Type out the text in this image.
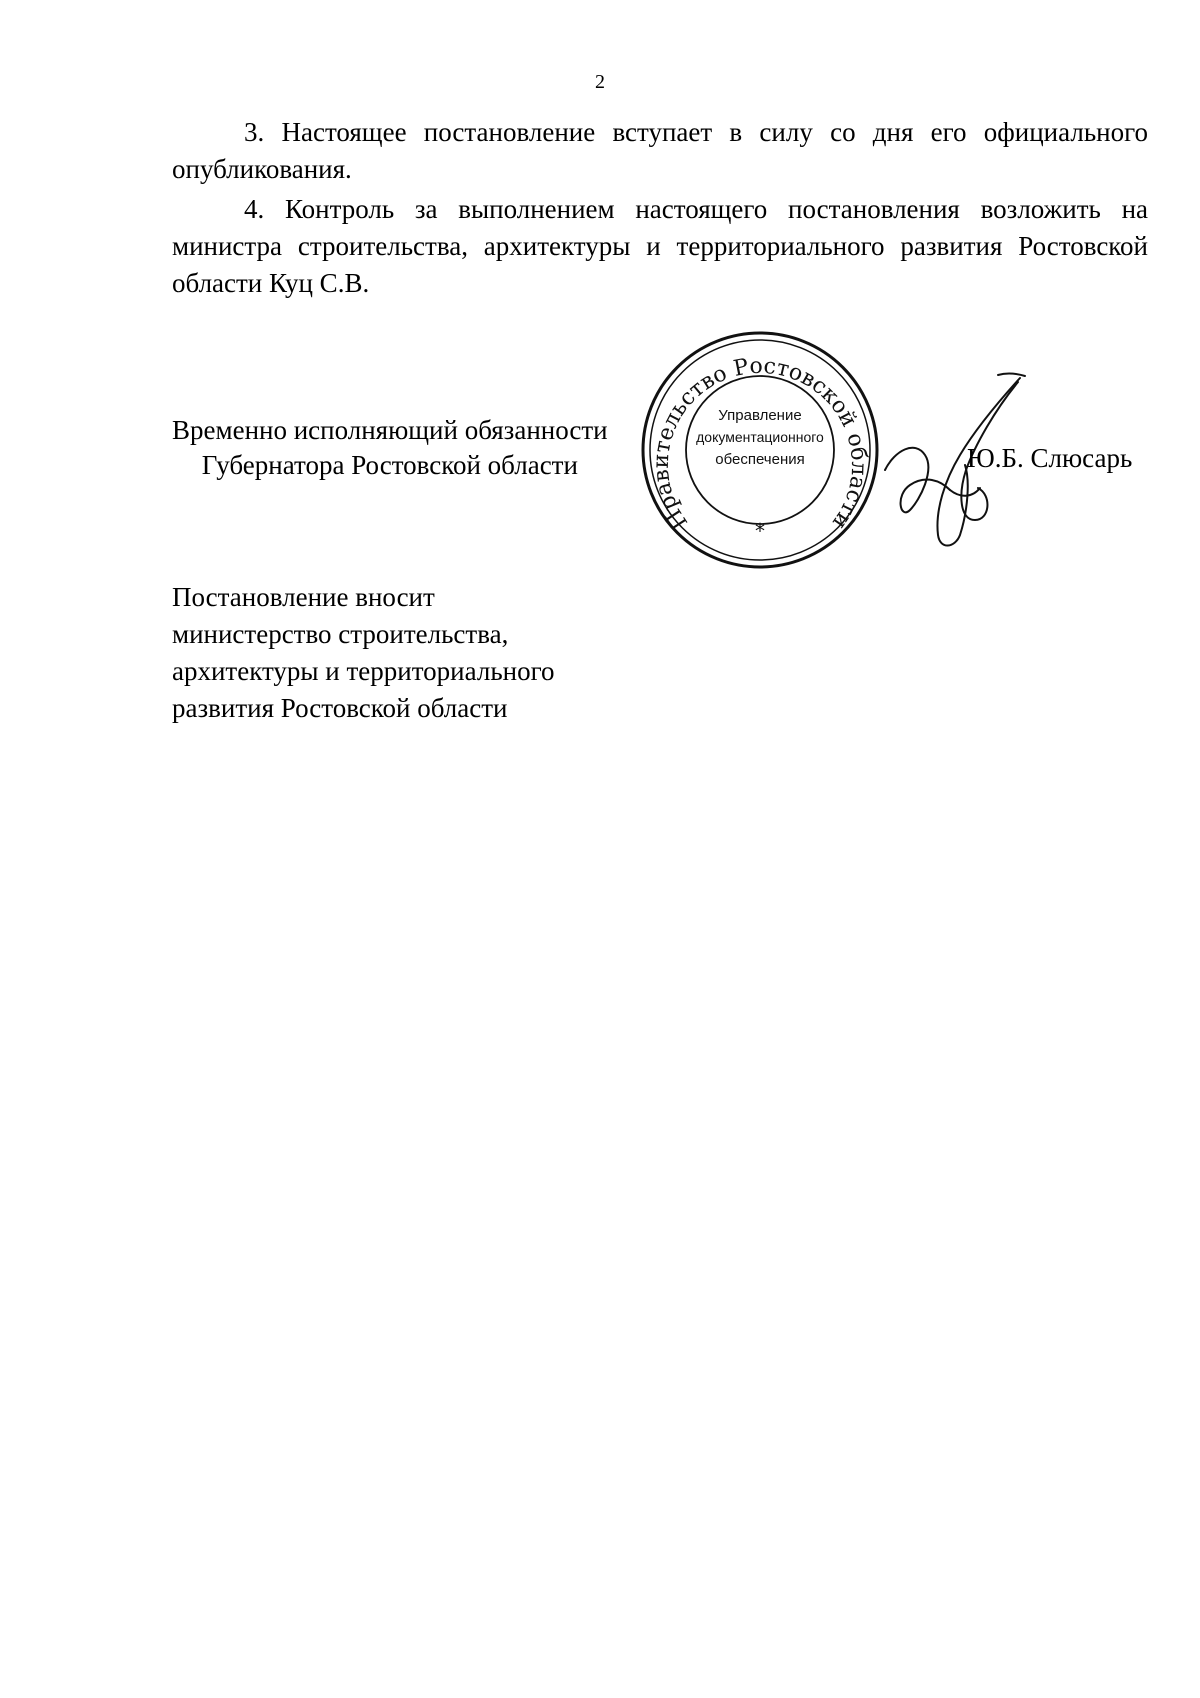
2
3. Настоящее постановление вступает в силу со дня его официального опубликования.
4. Контроль за выполнением настоящего постановления возложить на министра строительства, архитектуры и территориального развития Ростовской области Куц С.В.
Временно исполняющий обязанности
Губернатора Ростовской области
Правительство Ростовской области
Управление
документационного
обеспечения
*
Ю.Б. Слюсарь
Постановление вносит
министерство строительства,
архитектуры и территориального
развития Ростовской области
